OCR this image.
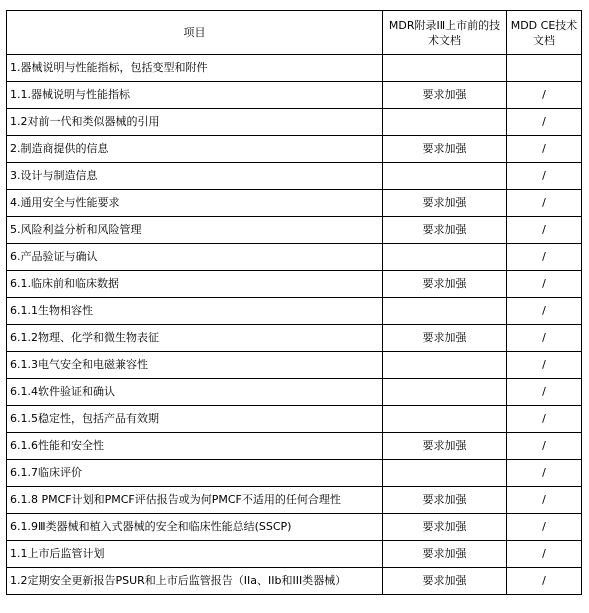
项目	MDR附录ⅠⅡ上市前的技术文档	MDD CE技术文档
1.器械说明与性能指标，包括变型和附件		
1.1.器械说明与性能指标	要求加强	/
1.2对前一代和类似器械的引用		/
2.制造商提供的信息	要求加强	/
3.设计与制造信息		/
4.通用安全与性能要求	要求加强	/
5.风险利益分析和风险管理	要求加强	/
6.产品验证与确认		/
6.1.临床前和临床数据	要求加强	/
6.1.1生物相容性		/
6.1.2物理、化学和微生物表征	要求加强	/
6.1.3电气安全和电磁兼容性		/
6.1.4软件验证和确认		/
6.1.5稳定性，包括产品有效期		/
6.1.6性能和安全性	要求加强	/
6.1.7临床评价		/
6.1.8 PMCF计划和PMCF评估报告或为何PMCF不适用的任何合理性	要求加强	/
6.1.9Ⅲ类器械和植入式器械的安全和临床性能总结(SSCP)	要求加强	/
1.1上市后监管计划	要求加强	/
1.2定期安全更新报告PSUR和上市后监管报告（IIa、IIb和III类器械）	要求加强	/
